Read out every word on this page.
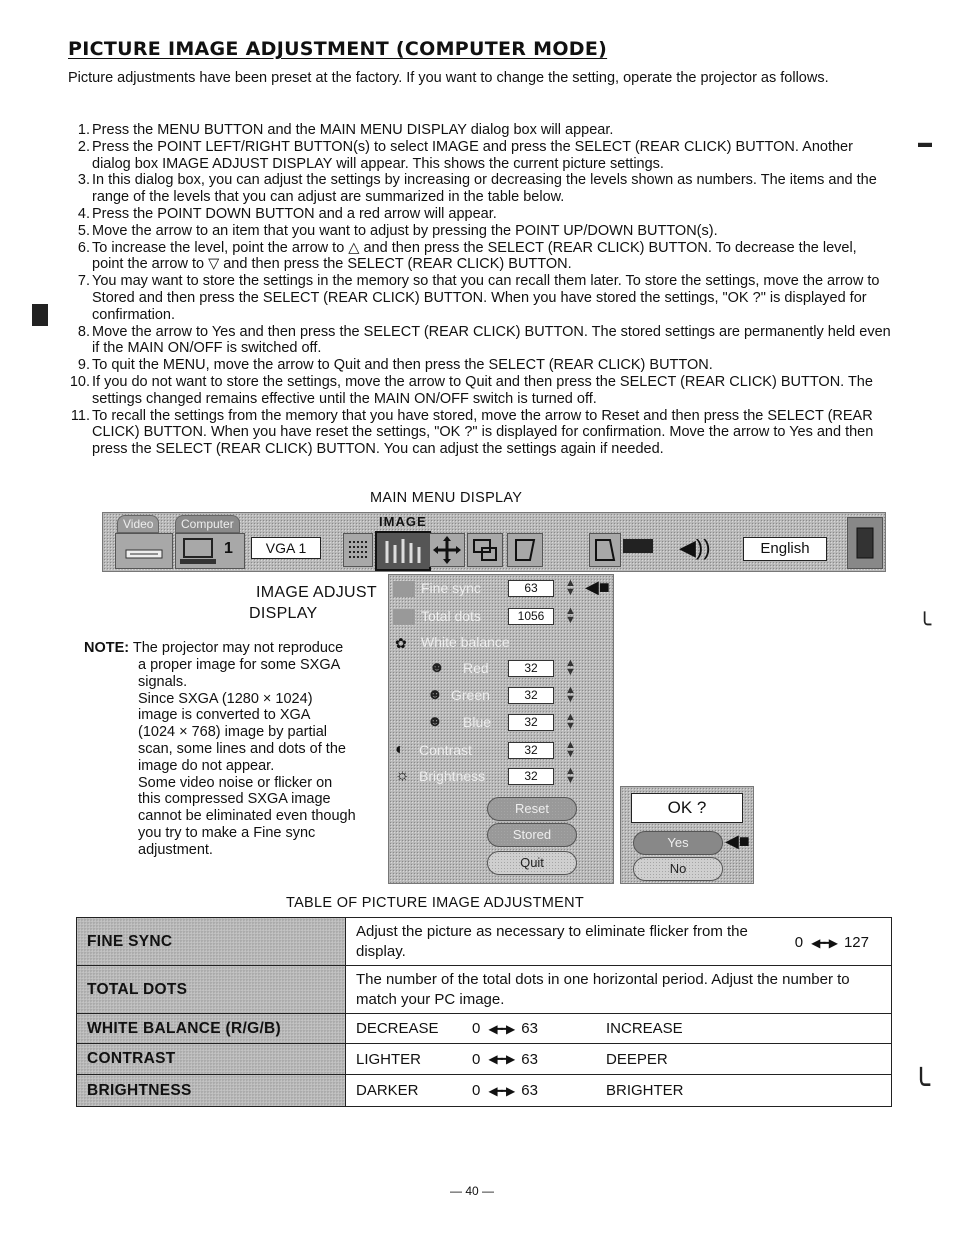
PICTURE IMAGE ADJUSTMENT (COMPUTER MODE)
Picture adjustments have been preset at the factory. If you want to change the setting, operate the projector as follows.
1. Press the MENU BUTTON and the MAIN MENU DISPLAY dialog box will appear.
2. Press the POINT LEFT/RIGHT BUTTON(s) to select IMAGE and press the SELECT (REAR CLICK) BUTTON. Another dialog box IMAGE ADJUST DISPLAY will appear. This shows the current picture settings.
3. In this dialog box, you can adjust the settings by increasing or decreasing the levels shown as numbers. The items and the range of the levels that you can adjust are summarized in the table below.
4. Press the POINT DOWN BUTTON and a red arrow will appear.
5. Move the arrow to an item that you want to adjust by pressing the POINT UP/DOWN BUTTON(s).
6. To increase the level, point the arrow to △ and then press the SELECT (REAR CLICK) BUTTON. To decrease the level, point the arrow to ▽ and then press the SELECT (REAR CLICK) BUTTON.
7. You may want to store the settings in the memory so that you can recall them later. To store the settings, move the arrow to Stored and then press the SELECT (REAR CLICK) BUTTON. When you have stored the settings, "OK ?" is displayed for confirmation.
8. Move the arrow to Yes and then press the SELECT (REAR CLICK) BUTTON. The stored settings are permanently held even if the MAIN ON/OFF is switched off.
9. To quit the MENU, move the arrow to Quit and then press the SELECT (REAR CLICK) BUTTON.
10. If you do not want to store the settings, move the arrow to Quit and then press the SELECT (REAR CLICK) BUTTON. The settings changed remains effective until the MAIN ON/OFF switch is turned off.
11. To recall the settings from the memory that you have stored, move the arrow to Reset and then press the SELECT (REAR CLICK) BUTTON. When you have reset the settings, "OK ?" is displayed for confirmation. Move the arrow to Yes and then press the SELECT (REAR CLICK) BUTTON. You can adjust the settings again if needed.
MAIN MENU DISPLAY
Video	Computer
1	VGA 1
IMAGE
◀))	English
IMAGE ADJUST
DISPLAY
NOTE: The projector may not reproduce
a proper image for some SXGA
signals.
Since SXGA (1280 × 1024)
image is converted to XGA
(1024 × 768) image by partial
scan, some lines and dots of the
image do not appear.
Some video noise or flicker on
this compressed SXGA image
cannot be eliminated even though
you try to make a Fine sync
adjustment.
Fine sync	63	▲
▼ ◀■
Total dots	1056	▲
▼
✿ White balance
☻ Red	32	▲
▼
☻ Green	32	▲
▼
☻ Blue	32	▲
▼
◐ Contrast	32	▲
▼
☼ Brightness	32	▲
▼
Reset
Stored
Quit
OK ?
Yes	◀■
No
TABLE OF PICTURE IMAGE ADJUSTMENT
FINE SYNC	Adjust the picture as necessary to eliminate flicker from the display. 0 ◀━━▶ 127

TOTAL DOTS	The number of the total dots in one horizontal period. Adjust the number to match your PC image.
WHITE BALANCE (R/G/B)	DECREASE 0 ◀━━▶ 63 INCREASE
CONTRAST	LIGHTER 0 ◀━━▶ 63 DEEPER
BRIGHTNESS	DARKER 0 ◀━━▶ 63 BRIGHTER
— 40 —
▬
╰
╰
